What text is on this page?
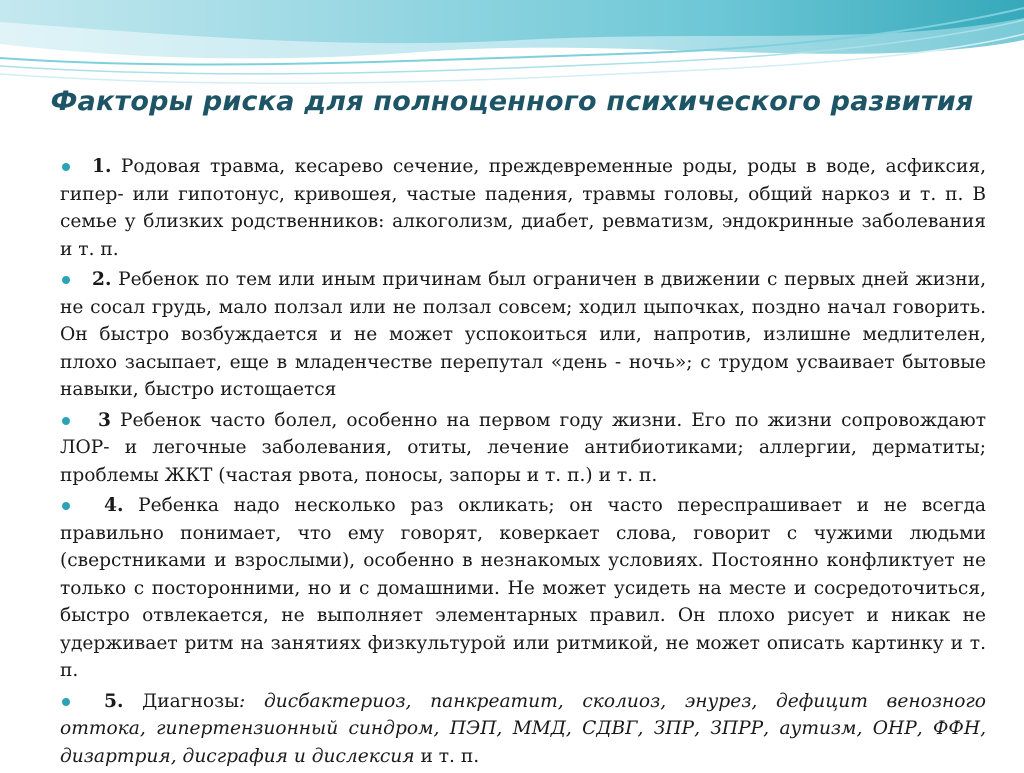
Факторы риска для полноценного психического развития

1. Родовая травма, кесарево сечение, преждевременные роды, роды в воде, асфиксия, гипер- или гипотонус, кривошея, частые падения, травмы головы, общий наркоз и т. п. В семье у близких родственников: алкоголизм, диабет, ревматизм, эндокринные заболевания и т. п.

2. Ребенок по тем или иным причинам был ограничен в движении с первых дней жизни, не сосал грудь, мало ползал или не ползал совсем; ходил цыпочках, поздно начал говорить. Он быстро возбуждается и не может успокоиться или, напротив, излишне медлителен, плохо засыпает, еще в младенчестве перепутал «день - ночь»; с трудом усваивает бытовые навыки, быстро истощается

3 Ребенок часто болел, особенно на первом году жизни. Его по жизни сопровождают ЛОР- и легочные заболевания, отиты, лечение антибиотиками; аллергии, дерматиты; проблемы ЖКТ (частая рвота, поносы, запоры и т. п.) и т. п.

4. Ребенка надо несколько раз окликать; он часто переспрашивает и не всегда правильно понимает, что ему говорят, коверкает слова, говорит с чужими людьми (сверстниками и взрослыми), особенно в незнакомых условиях. Постоянно конфликтует не только с посторонними, но и с домашними. Не может усидеть на месте и сосредоточиться, быстро отвлекается, не выполняет элементарных правил. Он плохо рисует и никак не удерживает ритм на занятиях физкультурой или ритмикой, не может описать картинку и т. п.

5. Диагнозы: дисбактериоз, панкреатит, сколиоз, энурез, дефицит венозного оттока, гипертензионный синдром, ПЭП, ММД, СДВГ, ЗПР, ЗПРР, аутизм, ОНР, ФФН, дизартрия, дисграфия и дислексия и т. п.
